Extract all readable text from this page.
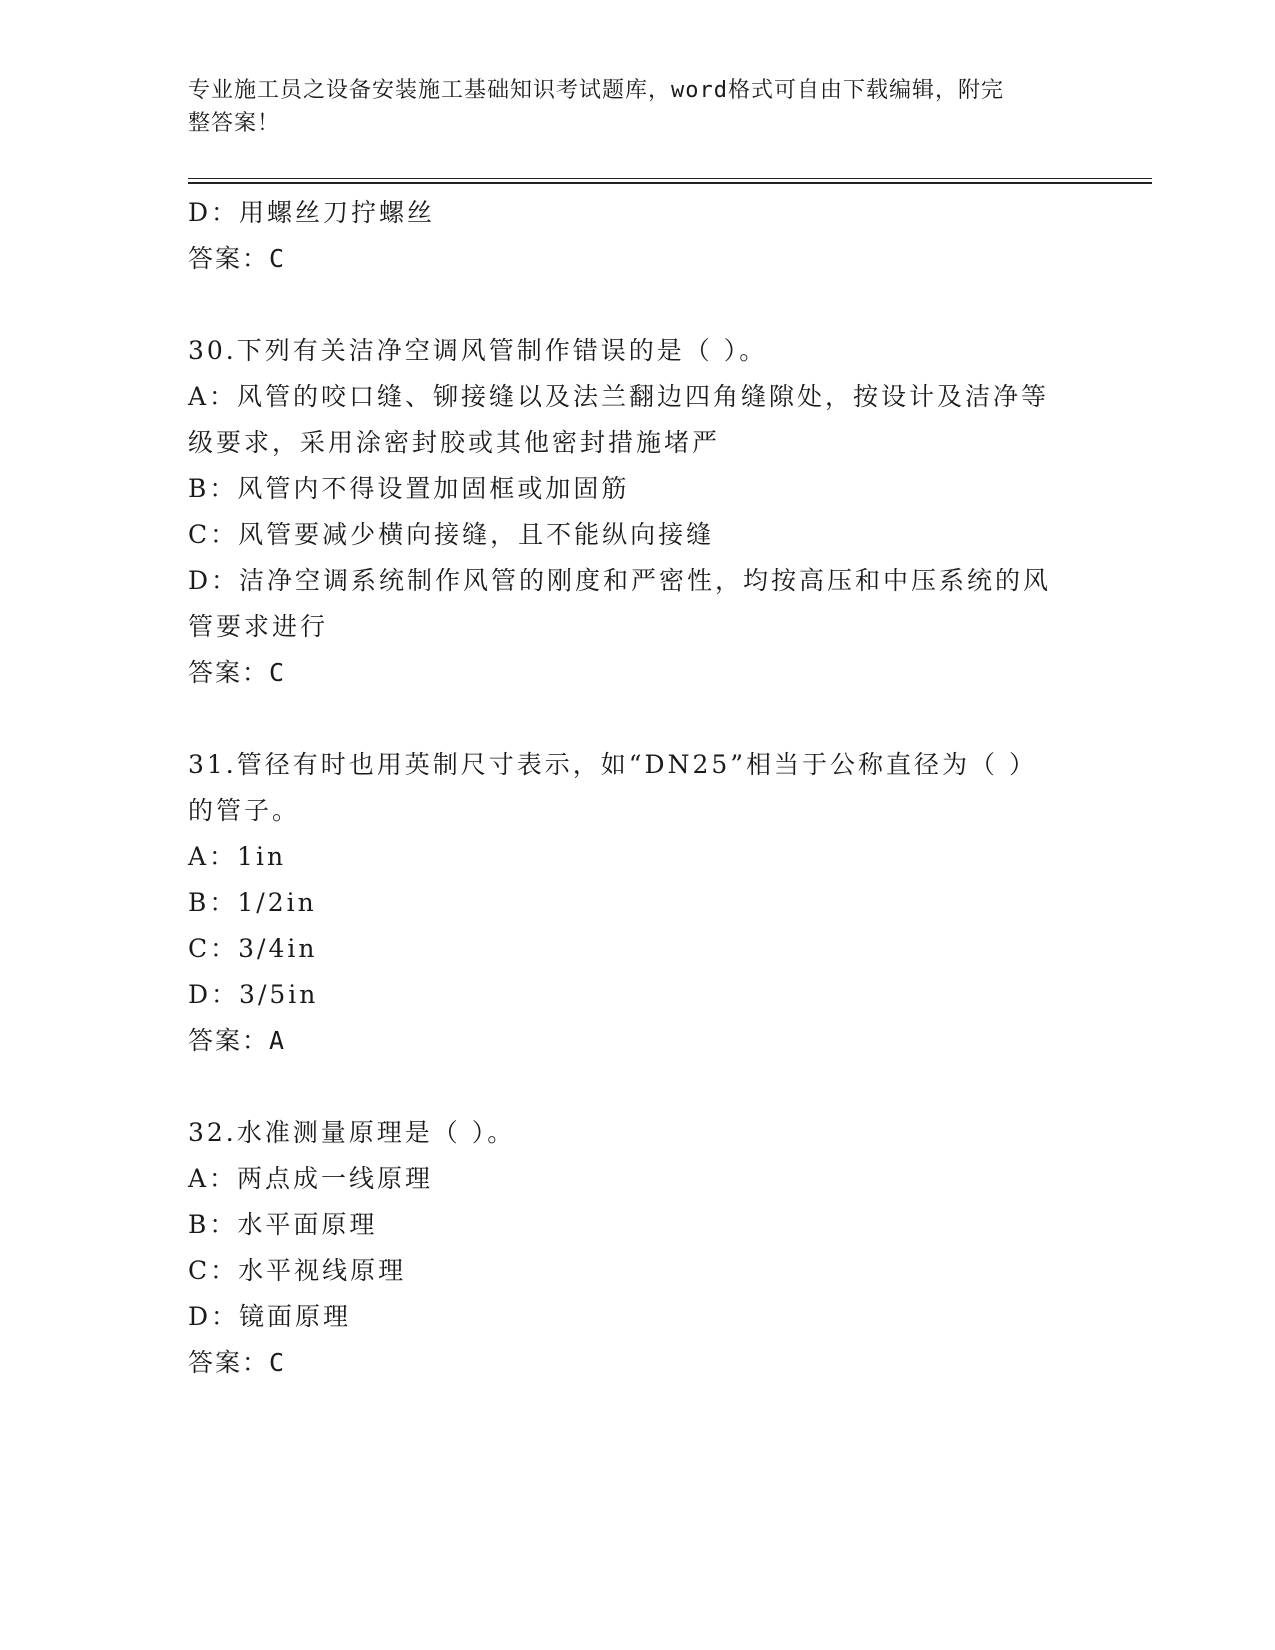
专业施工员之设备安装施工基础知识考试题库，word格式可自由下载编辑，附完
整答案！
D：用螺丝刀拧螺丝
答案：C
30.下列有关洁净空调风管制作错误的是（ ）。
A：风管的咬口缝、铆接缝以及法兰翻边四角缝隙处，按设计及洁净等
级要求，采用涂密封胶或其他密封措施堵严
B：风管内不得设置加固框或加固筋
C：风管要减少横向接缝，且不能纵向接缝
D：洁净空调系统制作风管的刚度和严密性，均按高压和中压系统的风
管要求进行
答案：C
31.管径有时也用英制尺寸表示，如“DN25”相当于公称直径为（ ）
的管子。
A：1in
B：1/2in
C：3/4in
D：3/5in
答案：A
32.水准测量原理是（ ）。
A：两点成一线原理
B：水平面原理
C：水平视线原理
D：镜面原理
答案：C
